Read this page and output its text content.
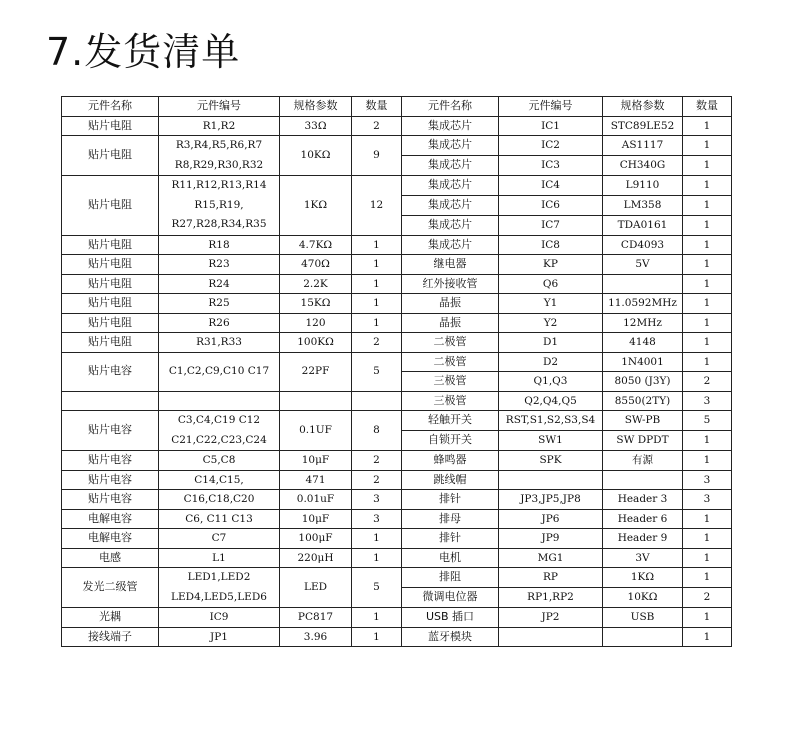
7.发货清单
元件名称	元件编号	规格参数	数量	元件名称	元件编号	规格参数	数量
贴片电阻	R1,R2	33Ω	2	集成芯片	IC1	STC89LE52	1
贴片电阻	R3,R4,R5,R6,R7
R8,R29,R30,R32	10KΩ	9	集成芯片	IC2	AS1117	1
				集成芯片	IC3	CH340G	1
贴片电阻	R11,R12,R13,R14
R15,R19,
R27,R28,R34,R35	1KΩ	12	集成芯片	IC4	L9110	1
				集成芯片	IC6	LM358	1
				集成芯片	IC7	TDA0161	1
贴片电阻	R18	4.7KΩ	1	集成芯片	IC8	CD4093	1
贴片电阻	R23	470Ω	1	继电器	KP	5V	1
贴片电阻	R24	2.2K	1	红外接收管	Q6		1
贴片电阻	R25	15KΩ	1	晶振	Y1	11.0592MHz	1
贴片电阻	R26	120	1	晶振	Y2	12MHz	1
贴片电阻	R31,R33	100KΩ	2	二极管	D1	4148	1
贴片电容	C1,C2,C9,C10 C17	22PF	5	二极管	D2	1N4001	1
				三极管	Q1,Q3	8050 (J3Y)	2
				三极管	Q2,Q4,Q5	8550(2TY)	3
贴片电容	C3,C4,C19 C12
C21,C22,C23,C24	0.1UF	8	轻触开关	RST,S1,S2,S3,S4	SW-PB	5
				自锁开关	SW1	SW DPDT	1
贴片电容	C5,C8	10μF	2	蜂鸣器	SPK	有源	1
贴片电容	C14,C15,	471	2	跳线帽			3
贴片电容	C16,C18,C20	0.01uF	3	排针	JP3,JP5,JP8	Header 3	3
电解电容	C6, C11 C13	10μF	3	排母	JP6	Header 6	1
电解电容	C7	100μF	1	排针	JP9	Header 9	1
电感	L1	220μH	1	电机	MG1	3V	1
发光二级管	LED1,LED2
LED4,LED5,LED6	LED	5	排阻	RP	1KΩ	1
				微调电位器	RP1,RP2	10KΩ	2
光耦	IC9	PC817	1	USB 插口	JP2	USB	1
接线端子	JP1	3.96	1	蓝牙模块			1
